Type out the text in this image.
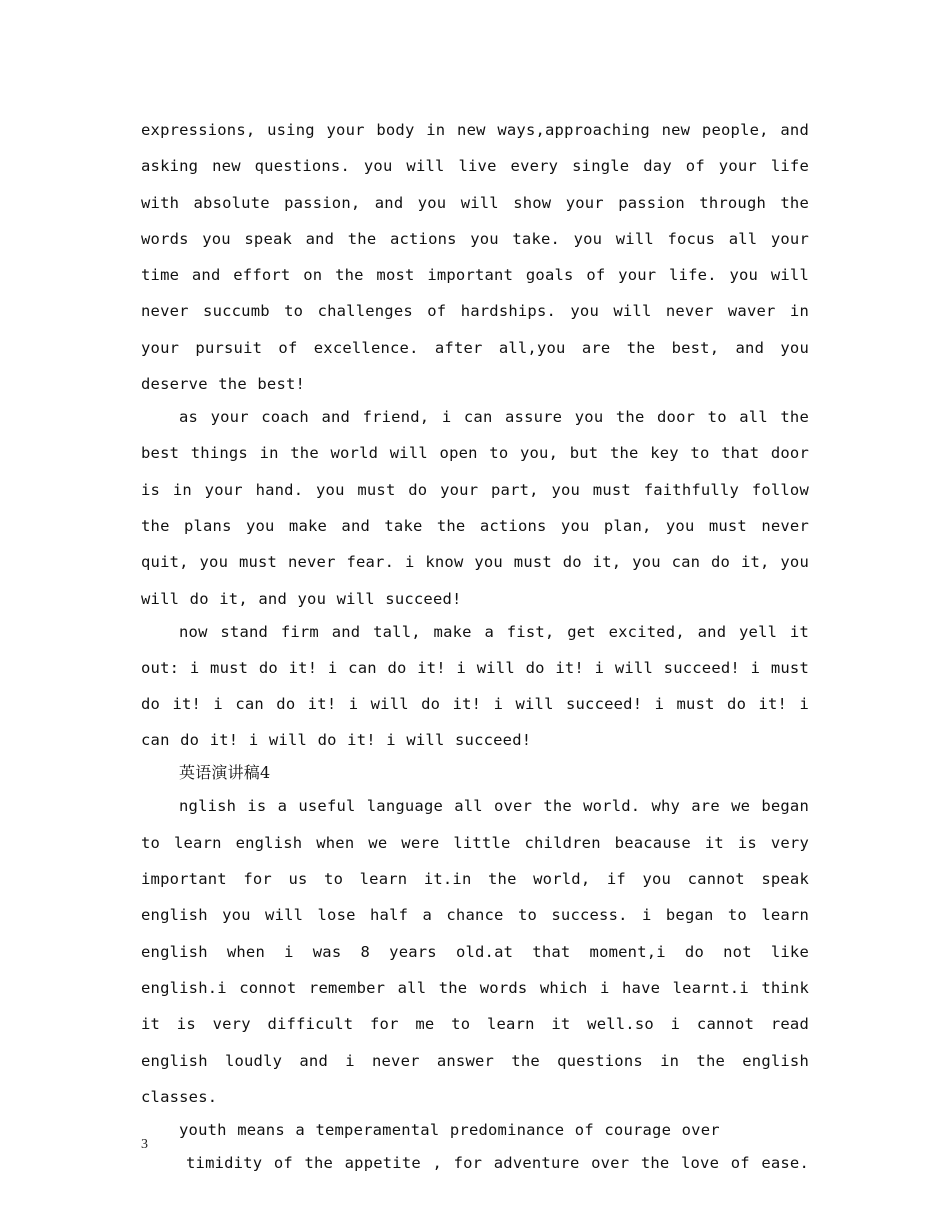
expressions, using your body in new ways,approaching new people, and asking new questions. you will live every single day of your life with absolute passion, and you will show your passion through the words you speak and the actions you take. you will focus all your time and effort on the most important goals of your life. you will never succumb to challenges of hardships. you will never waver in your pursuit of excellence. after all,you are the best, and you deserve the best!

as your coach and friend, i can assure you the door to all the best things in the world will open to you, but the key to that door is in your hand. you must do your part, you must faithfully follow the plans you make and take the actions you plan, you must never quit, you must never fear. i know you must do it, you can do it, you will do it, and you will succeed!

now stand firm and tall, make a fist, get excited, and yell it out: i must do it! i can do it! i will do it! i will succeed! i must do it! i can do it! i will do it! i will succeed! i must do it! i can do it! i will do it! i will succeed!

英语演讲稿4

nglish is a useful language all over the world. why are we began to learn english when we were little children beacause it is very important for us to learn it.in the world, if you cannot speak english you will lose half a chance to success. i began to learn english when i was 8 years old.at that moment,i do not like english.i connot remember all the words which i have learnt.i think it is very difficult for me to learn it well.so i cannot read english loudly and i never answer the questions in the english classes.

youth means a temperamental predominance of courage over

timidity of the appetite , for adventure over the love of ease.

3
